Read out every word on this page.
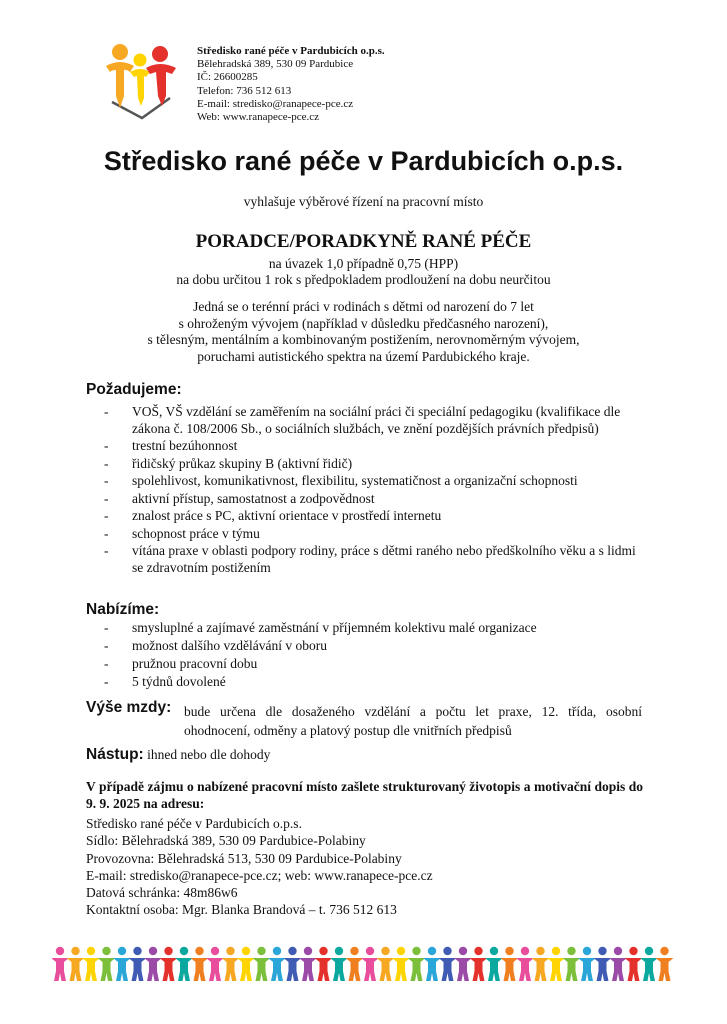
Středisko rané péče v Pardubicích o.p.s.
Bělehradská 389, 530 09 Pardubice
IČ: 26600285
Telefon: 736 512 613
E-mail: stredisko@ranapece-pce.cz
Web: www.ranapece-pce.cz
Středisko rané péče v Pardubicích o.p.s.
vyhlašuje výběrové řízení na pracovní místo
PORADCE/PORADKYNĚ RANÉ PÉČE
na úvazek 1,0 případně 0,75 (HPP)
na dobu určitou 1 rok s předpokladem prodloužení na dobu neurčitou
Jedná se o terénní práci v rodinách s dětmi od narození do 7 let
s ohroženým vývojem (například v důsledku předčasného narození),
s tělesným, mentálním a kombinovaným postižením, nerovnoměrným vývojem,
poruchami autistického spektra na území Pardubického kraje.
Požadujeme:
- VOŠ, VŠ vzdělání se zaměřením na sociální práci či speciální pedagogiku (kvalifikace dle zákona č. 108/2006 Sb., o sociálních službách, ve znění pozdějších právních předpisů)
- trestní bezúhonnost
- řidičský průkaz skupiny B (aktivní řidič)
- spolehlivost, komunikativnost, flexibilitu, systematičnost a organizační schopnosti
- aktivní přístup, samostatnost a zodpovědnost
- znalost práce s PC, aktivní orientace v prostředí internetu
- schopnost práce v týmu
- vítána praxe v oblasti podpory rodiny, práce s dětmi raného nebo předškolního věku a s lidmi se zdravotním postižením
Nabízíme:
- smysluplné a zajímavé zaměstnání v příjemném kolektivu malé organizace
- možnost dalšího vzdělávání v oboru
- pružnou pracovní dobu
- 5 týdnů dovolené
Výše mzdy: bude určena dle dosaženého vzdělání a počtu let praxe, 12. třída, osobní ohodnocení, odměny a platový postup dle vnitřních předpisů
Nástup: ihned nebo dle dohody
V případě zájmu o nabízené pracovní místo zašlete strukturovaný životopis a motivační dopis do 9. 9. 2025 na adresu:
Středisko rané péče v Pardubicích o.p.s.
Sídlo: Bělehradská 389, 530 09 Pardubice-Polabiny
Provozovna: Bělehradská 513, 530 09 Pardubice-Polabiny
E-mail: stredisko@ranapece-pce.cz; web: www.ranapece-pce.cz
Datová schránka: 48m86w6
Kontaktní osoba: Mgr. Blanka Brandová – t. 736 512 613
